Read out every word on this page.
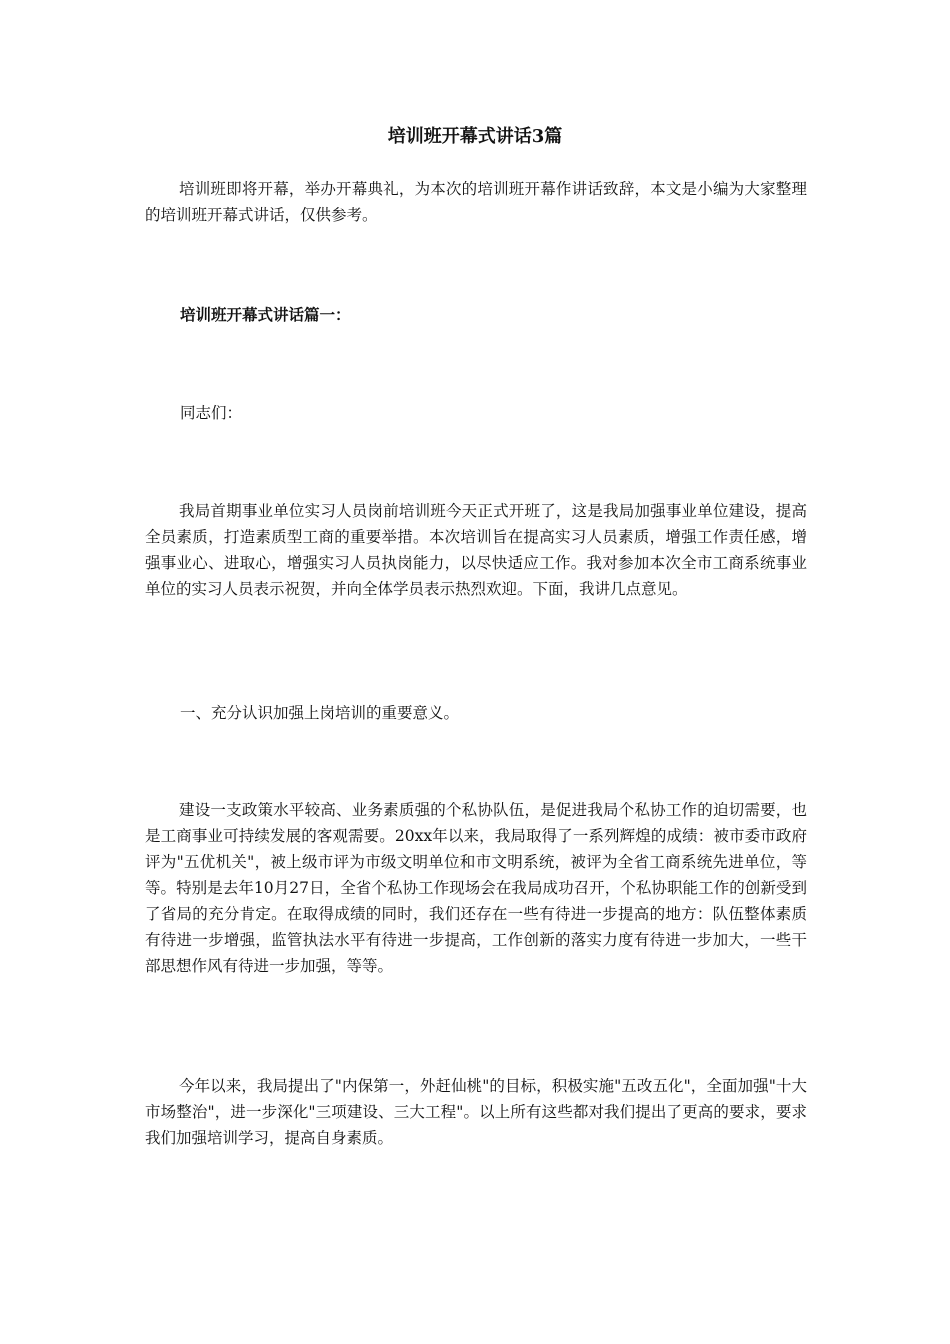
培训班开幕式讲话3篇
培训班即将开幕，举办开幕典礼，为本次的培训班开幕作讲话致辞，本文是小编为大家整理的培训班开幕式讲话，仅供参考。
培训班开幕式讲话篇一：
同志们：
我局首期事业单位实习人员岗前培训班今天正式开班了，这是我局加强事业单位建设，提高全员素质，打造素质型工商的重要举措。本次培训旨在提高实习人员素质，增强工作责任感，增强事业心、进取心，增强实习人员执岗能力，以尽快适应工作。我对参加本次全市工商系统事业单位的实习人员表示祝贺，并向全体学员表示热烈欢迎。下面，我讲几点意见。
一、充分认识加强上岗培训的重要意义。
建设一支政策水平较高、业务素质强的个私协队伍，是促进我局个私协工作的迫切需要，也是工商事业可持续发展的客观需要。20xx年以来，我局取得了一系列辉煌的成绩：被市委市政府评为"五优机关"，被上级市评为市级文明单位和市文明系统，被评为全省工商系统先进单位，等等。特别是去年10月27日，全省个私协工作现场会在我局成功召开，个私协职能工作的创新受到了省局的充分肯定。在取得成绩的同时，我们还存在一些有待进一步提高的地方：队伍整体素质有待进一步增强，监管执法水平有待进一步提高，工作创新的落实力度有待进一步加大，一些干部思想作风有待进一步加强，等等。
今年以来，我局提出了"内保第一，外赶仙桃"的目标，积极实施"五改五化"，全面加强"十大市场整治"，进一步深化"三项建设、三大工程"。以上所有这些都对我们提出了更高的要求，要求我们加强培训学习，提高自身素质。
